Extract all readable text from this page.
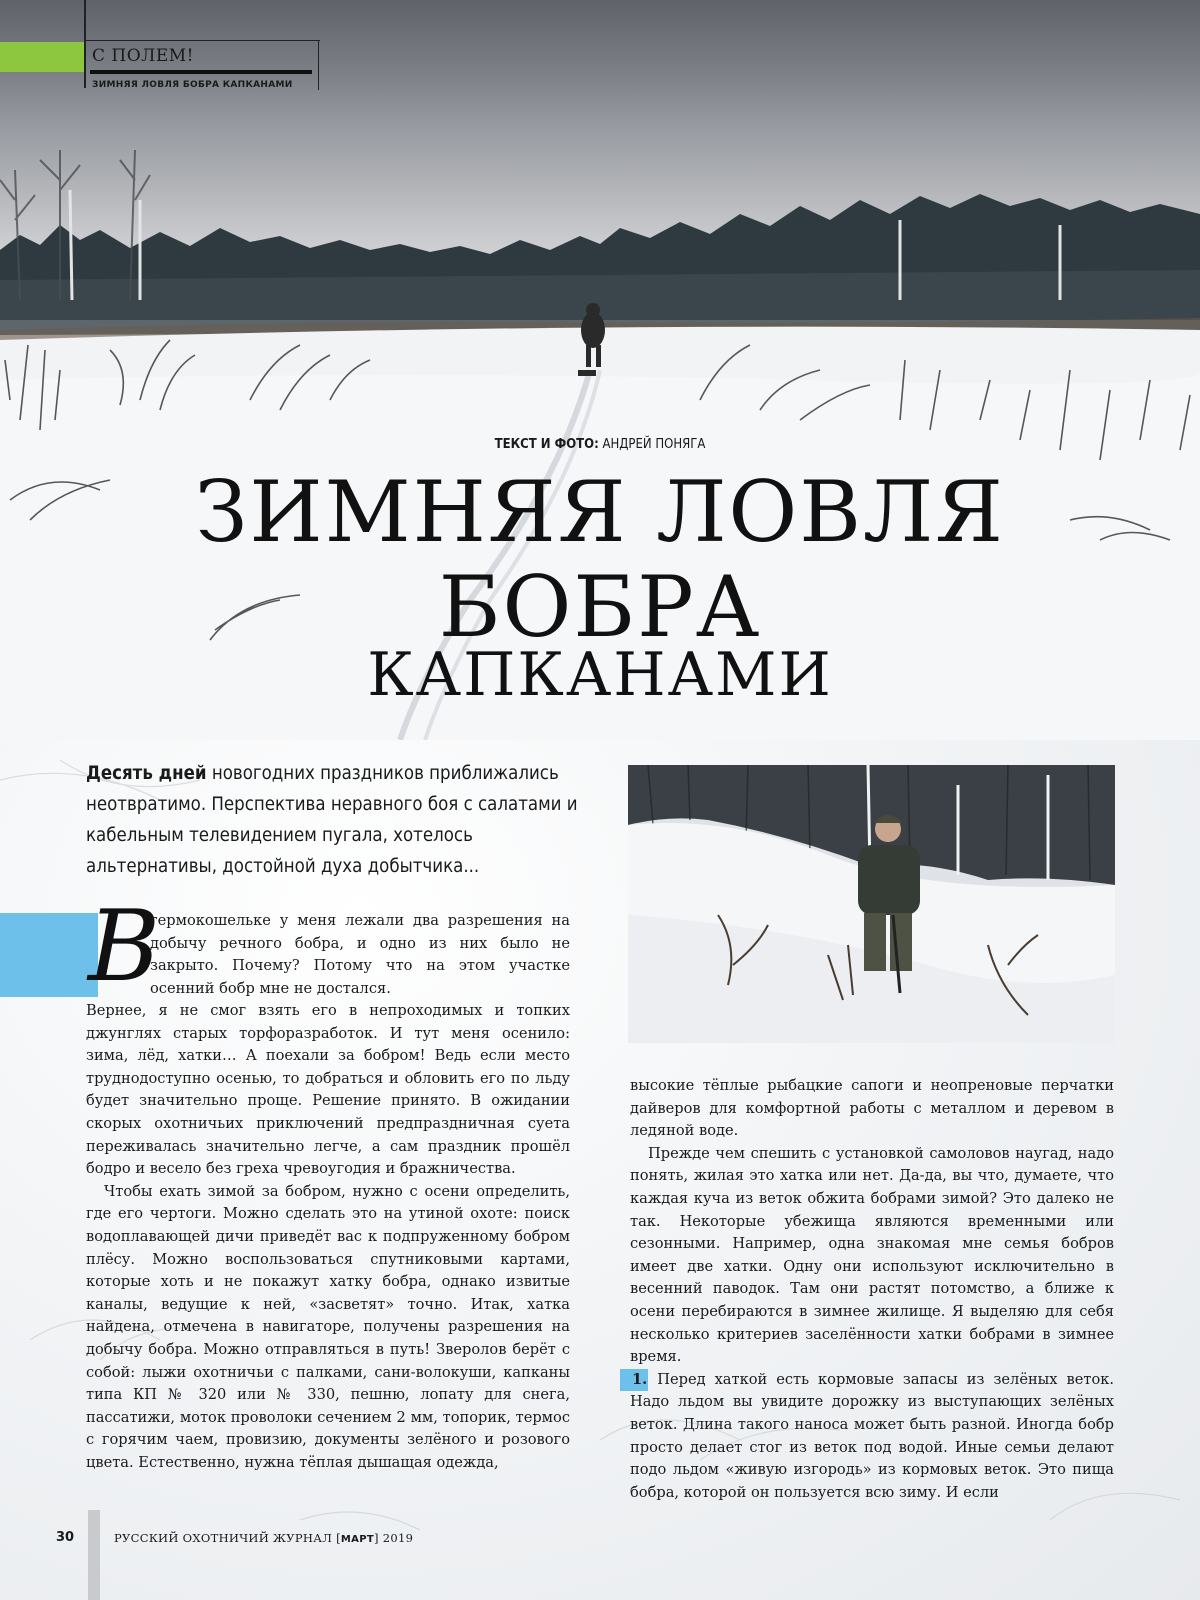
С ПОЛЕМ!
ЗИМНЯЯ ЛОВЛЯ БОБРА КАПКАНАМИ
ТЕКСТ И ФОТО: АНДРЕЙ ПОНЯГА
ЗИМНЯЯ ЛОВЛЯ
БОБРА
КАПКАНАМИ
Десять дней новогодних праздников приближались неотвратимо. Перспектива неравного боя с салатами и кабельным телевидением пугала, хотелось альтернативы, достойной духа добытчика...
В

гермокошельке у меня лежали два разрешения на добычу речного бобра, и одно из них было не закрыто. Почему? Потому что на этом участке осенний бобр мне не достался.

Вернее, я не смог взять его в непроходимых и топких джунглях старых торфоразработок. И тут меня осенило: зима, лёд, хатки… А поехали за бобром! Ведь если место труднодоступно осенью, то добраться и обловить его по льду будет значительно проще. Решение принято. В ожидании скорых охотничьих приключений предпраздничная суета переживалась значительно легче, а сам праздник прошёл бодро и весело без греха чревоугодия и бражничества.

Чтобы ехать зимой за бобром, нужно с осени определить, где его чертоги. Можно сделать это на утиной охоте: поиск водоплавающей дичи приведёт вас к подпруженному бобром плёсу. Можно воспользоваться спутниковыми картами, которые хоть и не покажут хатку бобра, однако извитые каналы, ведущие к ней, «засветят» точно. Итак, хатка найдена, отмечена в навигаторе, получены разрешения на добычу бобра. Можно отправляться в путь! Зверолов берёт с собой: лыжи охотничьи с палками, сани-волокуши, капканы типа КП № 320 или № 330, пешню, лопату для снега, пассатижи, моток проволоки сечением 2 мм, топорик, термос с горячим чаем, провизию, документы зелёного и розового цвета. Естественно, нужна тёплая дышащая одежда,

высокие тёплые рыбацкие сапоги и неопреновые перчатки дайверов для комфортной работы с металлом и деревом в ледяной воде.

Прежде чем спешить с установкой самоловов наугад, надо понять, жилая это хатка или нет. Да-да, вы что, думаете, что каждая куча из веток обжита бобрами зимой? Это далеко не так. Некоторые убежища являются временными или сезонными. Например, одна знакомая мне семья бобров имеет две хатки. Одну они используют исключительно в весенний паводок. Там они растят потомство, а ближе к осени перебираются в зимнее жилище. Я выделяю для себя несколько критериев заселённости хатки бобрами в зимнее время.

1. Перед хаткой есть кормовые запасы из зелёных веток. Надо льдом вы увидите дорожку из выступающих зелёных веток. Длина такого наноса может быть разной. Иногда бобр просто делает стог из веток под водой. Иные семьи делают подо льдом «живую изгородь» из кормовых веток. Это пища бобра, которой он пользуется всю зиму. И если

30	РУССКИЙ ОХОТНИЧИЙ ЖУРНАЛ [МАРТ] 2019
